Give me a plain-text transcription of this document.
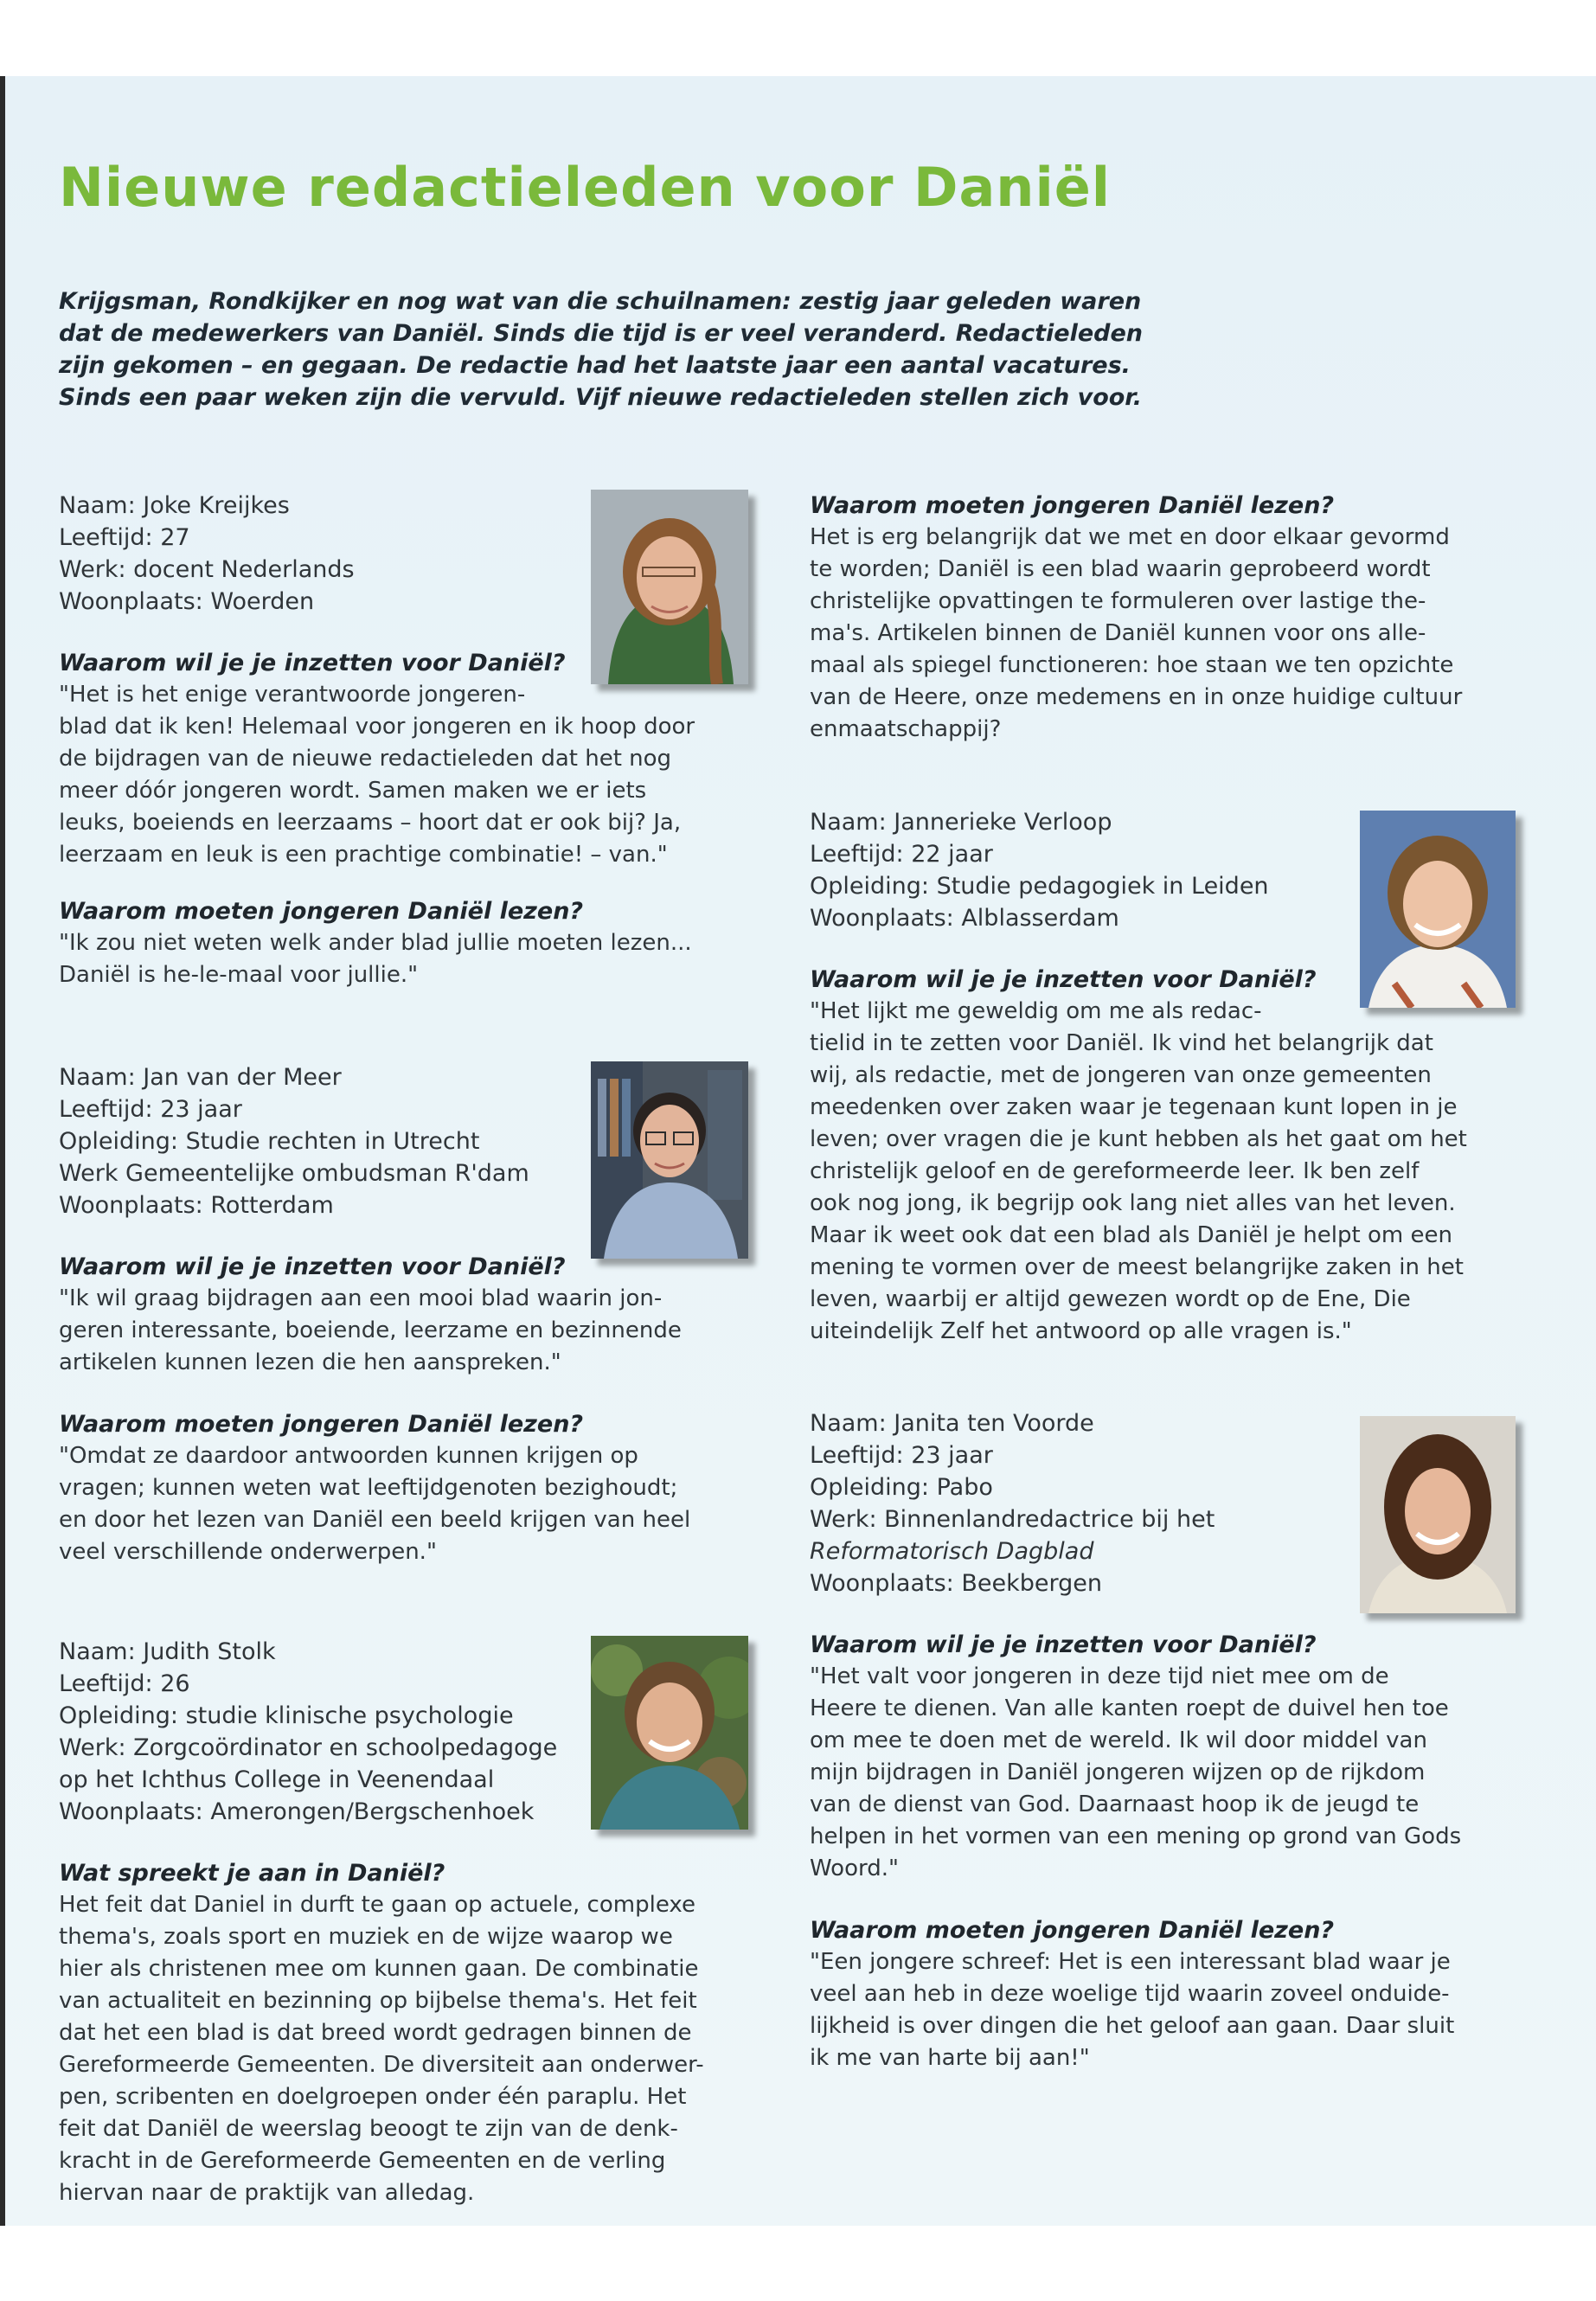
Nieuwe redactieleden voor Daniël
Krijgsman, Rondkijker en nog wat van die schuilnamen: zestig jaar geleden waren
dat de medewerkers van Daniël. Sinds die tijd is er veel veranderd. Redactieleden
zijn gekomen – en gegaan. De redactie had het laatste jaar een aantal vacatures.
Sinds een paar weken zijn die vervuld. Vijf nieuwe redactieleden stellen zich voor.
Naam: Joke Kreijkes
Leeftijd: 27
Werk: docent Nederlands
Woonplaats: Woerden
Waarom wil je je inzetten voor Daniël?
"Het is het enige verantwoorde jongeren-
blad dat ik ken! Helemaal voor jongeren en ik hoop door
de bijdragen van de nieuwe redactieleden dat het nog
meer dóór jongeren wordt. Samen maken we er iets
leuks, boeiends en leerzaams – hoort dat er ook bij? Ja,
leerzaam en leuk is een prachtige combinatie! – van."
Waarom moeten jongeren Daniël lezen?
"Ik zou niet weten welk ander blad jullie moeten lezen...
Daniël is he-le-maal voor jullie."
Naam: Jan van der Meer
Leeftijd: 23 jaar
Opleiding: Studie rechten in Utrecht
Werk Gemeentelijke ombudsman R'dam
Woonplaats: Rotterdam
Waarom wil je je inzetten voor Daniël?
"Ik wil graag bijdragen aan een mooi blad waarin jon-
geren interessante, boeiende, leerzame en bezinnende
artikelen kunnen lezen die hen aanspreken."
Waarom moeten jongeren Daniël lezen?
"Omdat ze daardoor antwoorden kunnen krijgen op
vragen; kunnen weten wat leeftijdgenoten bezighoudt;
en door het lezen van Daniël een beeld krijgen van heel
veel verschillende onderwerpen."
Naam: Judith Stolk
Leeftijd: 26
Opleiding: studie klinische psychologie
Werk: Zorgcoördinator en schoolpedagoge
op het Ichthus College in Veenendaal
Woonplaats: Amerongen/Bergschenhoek
Wat spreekt je aan in Daniël?
Het feit dat Daniel in durft te gaan op actuele, complexe
thema's, zoals sport en muziek en de wijze waarop we
hier als christenen mee om kunnen gaan. De combinatie
van actualiteit en bezinning op bijbelse thema's. Het feit
dat het een blad is dat breed wordt gedragen binnen de
Gereformeerde Gemeenten. De diversiteit aan onderwer-
pen, scribenten en doelgroepen onder één paraplu. Het
feit dat Daniël de weerslag beoogt te zijn van de denk-
kracht in de Gereformeerde Gemeenten en de verling
hiervan naar de praktijk van alledag.
Waarom moeten jongeren Daniël lezen?
Het is erg belangrijk dat we met en door elkaar gevormd
te worden; Daniël is een blad waarin geprobeerd wordt
christelijke opvattingen te formuleren over lastige the-
ma's. Artikelen binnen de Daniël kunnen voor ons alle-
maal als spiegel functioneren: hoe staan we ten opzichte
van de Heere, onze medemens en in onze huidige cultuur
enmaatschappij?
Naam: Jannerieke Verloop
Leeftijd: 22 jaar
Opleiding: Studie pedagogiek in Leiden
Woonplaats: Alblasserdam
Waarom wil je je inzetten voor Daniël?
"Het lijkt me geweldig om me als redac-
tielid in te zetten voor Daniël. Ik vind het belangrijk dat
wij, als redactie, met de jongeren van onze gemeenten
meedenken over zaken waar je tegenaan kunt lopen in je
leven; over vragen die je kunt hebben als het gaat om het
christelijk geloof en de gereformeerde leer. Ik ben zelf
ook nog jong, ik begrijp ook lang niet alles van het leven.
Maar ik weet ook dat een blad als Daniël je helpt om een
mening te vormen over de meest belangrijke zaken in het
leven, waarbij er altijd gewezen wordt op de Ene, Die
uiteindelijk Zelf het antwoord op alle vragen is."
Naam: Janita ten Voorde
Leeftijd: 23 jaar
Opleiding: Pabo
Werk: Binnenlandredactrice bij het
Reformatorisch Dagblad
Woonplaats: Beekbergen
Waarom wil je je inzetten voor Daniël?
"Het valt voor jongeren in deze tijd niet mee om de
Heere te dienen. Van alle kanten roept de duivel hen toe
om mee te doen met de wereld. Ik wil door middel van
mijn bijdragen in Daniël jongeren wijzen op de rijkdom
van de dienst van God. Daarnaast hoop ik de jeugd te
helpen in het vormen van een mening op grond van Gods
Woord."
Waarom moeten jongeren Daniël lezen?
"Een jongere schreef: Het is een interessant blad waar je
veel aan heb in deze woelige tijd waarin zoveel onduide-
lijkheid is over dingen die het geloof aan gaan. Daar sluit
ik me van harte bij aan!"
